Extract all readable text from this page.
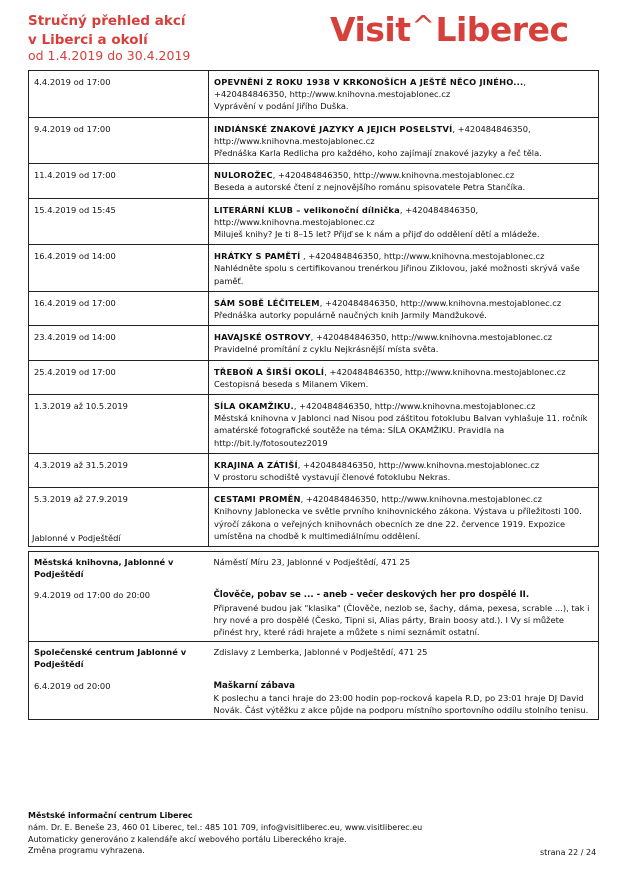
Stručný přehled akcí
v Liberci a okolí
od 1.4.2019 do 30.4.2019
Visit^Liberec
4.4.2019 od 17:00	OPEVNĚNÍ Z ROKU 1938 V KRKONOŠÍCH A JEŠTĚ NĚCO JINÉHO..., +420484846350, http://www.knihovna.mestojablonec.cz
Vyprávění v podání Jiřího Duška.

9.4.2019 od 17:00	INDIÁNSKÉ ZNAKOVÉ JAZYKY A JEJICH POSELSTVÍ, +420484846350, http://www.knihovna.mestojablonec.cz
Přednáška Karla Redlicha pro každého, koho zajímají znakové jazyky a řeč těla.

11.4.2019 od 17:00	NULOROŽEC, +420484846350, http://www.knihovna.mestojablonec.cz
Beseda a autorské čtení z nejnovějšího románu spisovatele Petra Stančíka.

15.4.2019 od 15:45	LITERÁRNÍ KLUB – velikonoční dílnička, +420484846350, http://www.knihovna.mestojablonec.cz
Miluješ knihy? Je ti 8–15 let? Přijď se k nám a přijď do oddělení dětí a mládeže.

16.4.2019 od 14:00	HRÁTKY S PAMĚTÍ , +420484846350, http://www.knihovna.mestojablonec.cz
Nahlédněte spolu s certifikovanou trenérkou Jiřinou Ziklovou, jaké možnosti skrývá vaše paměť.

16.4.2019 od 17:00	SÁM SOBĚ LÉČITELEM, +420484846350, http://www.knihovna.mestojablonec.cz
Přednáška autorky populárně naučných knih Jarmily Mandžukové.

23.4.2019 od 14:00	HAVAJSKÉ OSTROVY, +420484846350, http://www.knihovna.mestojablonec.cz
Pravidelné promítání z cyklu Nejkrásnější místa světa.

25.4.2019 od 17:00	TŘEBOŇ A ŠIRŠÍ OKOLÍ, +420484846350, http://www.knihovna.mestojablonec.cz
Cestopisná beseda s Milanem Vikem.

1.3.2019 až 10.5.2019	SÍLA OKAMŽIKU., +420484846350, http://www.knihovna.mestojablonec.cz
Městská knihovna v Jablonci nad Nisou pod záštitou fotoklubu Balvan vyhlašuje 11. ročník amatérské fotografické soutěže na téma: SÍLA OKAMŽIKU. Pravidla na http://bit.ly/fotosoutez2019

4.3.2019 až 31.5.2019	KRAJINA A ZÁTIŠÍ, +420484846350, http://www.knihovna.mestojablonec.cz
V prostoru schodiště vystavují členové fotoklubu Nekras.

5.3.2019 až 27.9.2019	CESTAMI PROMĚN, +420484846350, http://www.knihovna.mestojablonec.cz
Knihovny Jablonecka ve světle prvního knihovnického zákona. Výstava u příležitosti 100. výročí zákona o veřejných knihovnách obecních ze dne 22. července 1919. Expozice umístěna na chodbě k multimediálnímu oddělení.
Jablonné v Podještědí
Městská knihovna, Jablonné v Podještědí	Náměstí Míru 23, Jablonné v Podještědí, 471 25
9.4.2019 od 17:00 do 20:00	Člověče, pobav se ... - aneb - večer deskových her pro dospělé II.
Připravené budou jak "klasika" (Člověče, nezlob se, šachy, dáma, pexesa, scrable ...), tak i hry nové a pro dospělé (Česko, Tipni si, Alias párty, Brain boosy atd.). I Vy si můžete přinést hry, které rádi hrajete a můžete s nimi seznámit ostatní.

Společenské centrum Jablonné v Podještědí	Zdislavy z Lemberka, Jablonné v Podještědí, 471 25
6.4.2019 od 20:00	Maškarní zábava
K poslechu a tanci hraje do 23:00 hodin pop-rocková kapela R.D, po 23:01 hraje DJ David Novák. Část výtěžku z akce půjde na podporu místního sportovního oddílu stolního tenisu.
Městské informační centrum Liberec
nám. Dr. E. Beneše 23, 460 01 Liberec, tel.: 485 101 709, info@visitliberec.eu, www.visitliberec.eu
Automaticky generováno z kalendáře akcí webového portálu Libereckého kraje.
Změna programu vyhrazena.	strana 22 / 24
